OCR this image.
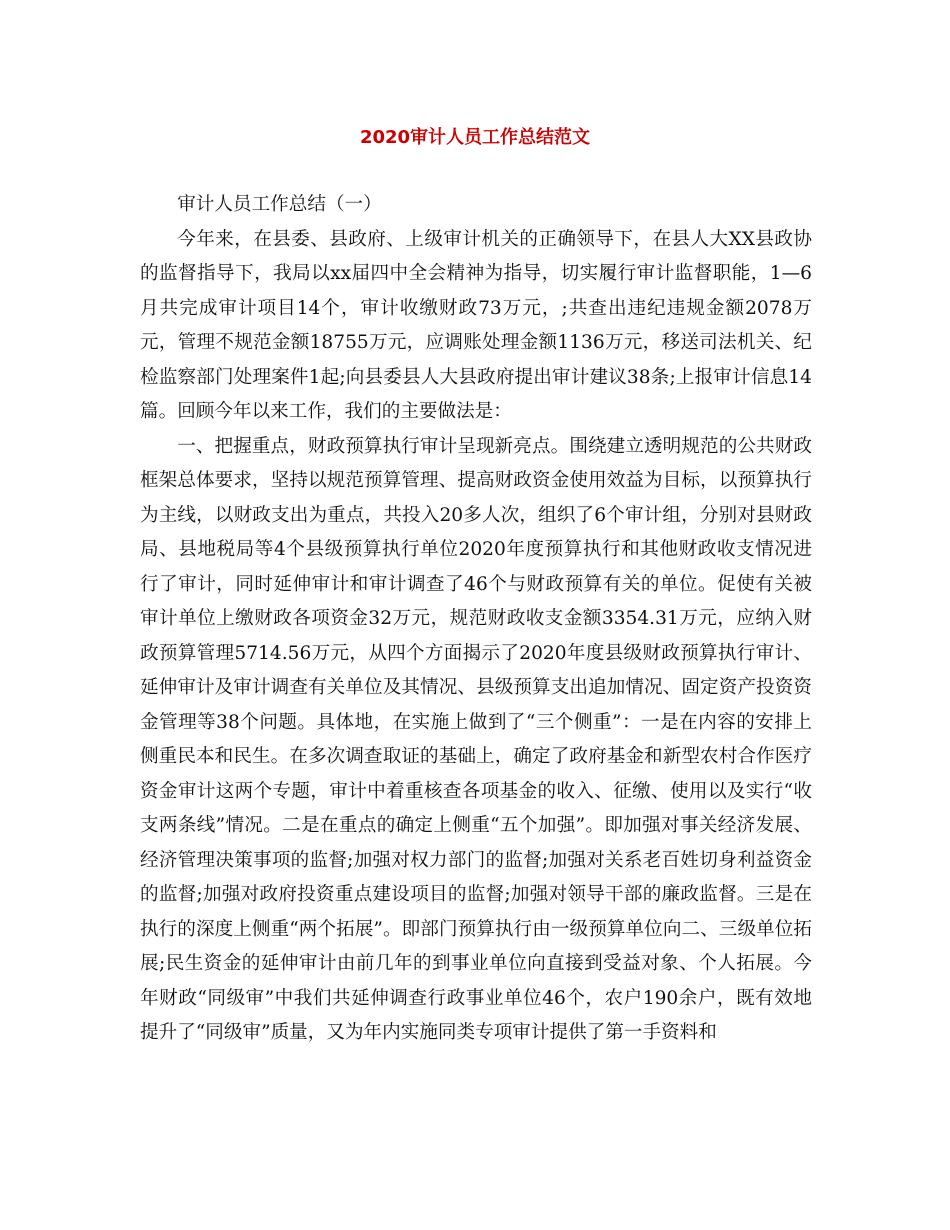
2020审计人员工作总结范文

审计人员工作总结（一）

今年来，在县委、县政府、上级审计机关的正确领导下，在县人大XX县政协的监督指导下，我局以xx届四中全会精神为指导，切实履行审计监督职能，1—6月共完成审计项目14个，审计收缴财政73万元，;共查出违纪违规金额2078万元，管理不规范金额18755万元，应调账处理金额1136万元，移送司法机关、纪检监察部门处理案件1起;向县委县人大县政府提出审计建议38条;上报审计信息14篇。回顾今年以来工作，我们的主要做法是：

一、把握重点，财政预算执行审计呈现新亮点。围绕建立透明规范的公共财政框架总体要求，坚持以规范预算管理、提高财政资金使用效益为目标，以预算执行为主线，以财政支出为重点，共投入20多人次，组织了6个审计组，分别对县财政局、县地税局等4个县级预算执行单位2020年度预算执行和其他财政收支情况进行了审计，同时延伸审计和审计调查了46个与财政预算有关的单位。促使有关被审计单位上缴财政各项资金32万元，规范财政收支金额3354.31万元，应纳入财政预算管理5714.56万元，从四个方面揭示了2020年度县级财政预算执行审计、延伸审计及审计调查有关单位及其情况、县级预算支出追加情况、固定资产投资资金管理等38个问题。具体地，在实施上做到了“三个侧重”：一是在内容的安排上侧重民本和民生。在多次调查取证的基础上，确定了政府基金和新型农村合作医疗资金审计这两个专题，审计中着重核查各项基金的收入、征缴、使用以及实行“收支两条线”情况。二是在重点的确定上侧重“五个加强”。即加强对事关经济发展、经济管理决策事项的监督;加强对权力部门的监督;加强对关系老百姓切身利益资金的监督;加强对政府投资重点建设项目的监督;加强对领导干部的廉政监督。三是在执行的深度上侧重“两个拓展”。即部门预算执行由一级预算单位向二、三级单位拓展;民生资金的延伸审计由前几年的到事业单位向直接到受益对象、个人拓展。今年财政“同级审”中我们共延伸调查行政事业单位46个，农户190余户，既有效地提升了“同级审”质量，又为年内实施同类专项审计提供了第一手资料和
